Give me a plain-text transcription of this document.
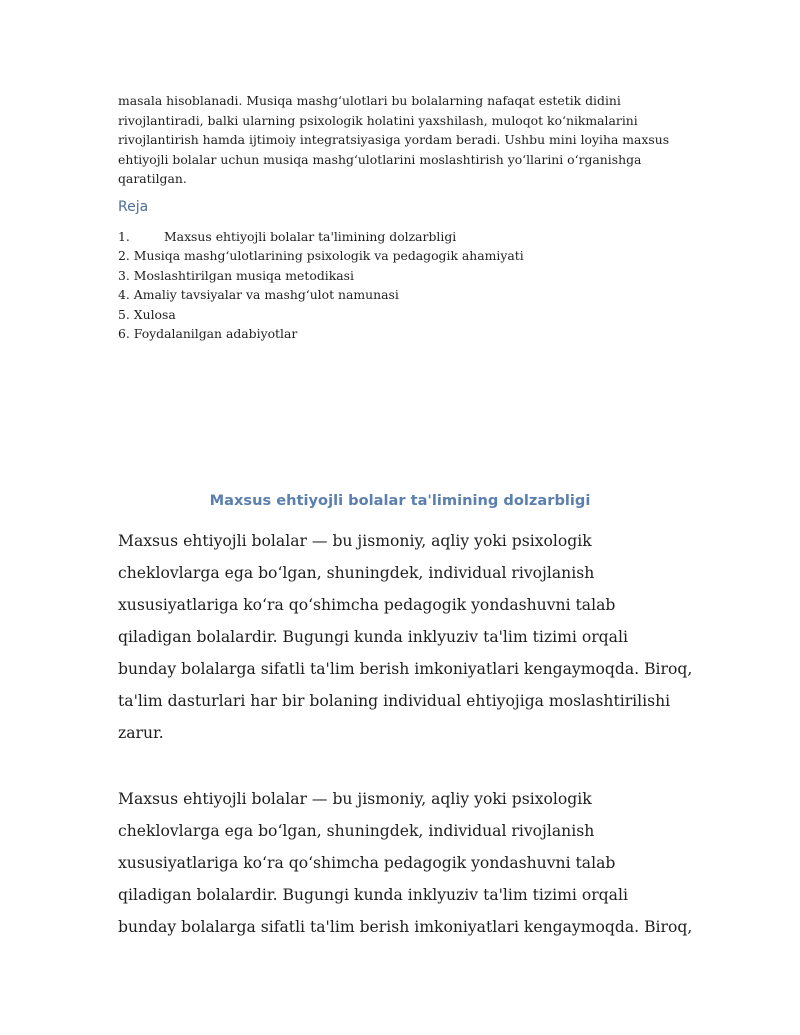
masala hisoblanadi. Musiqa mashg‘ulotlari bu bolalarning nafaqat estetik didini rivojlantiradi, balki ularning psixologik holatini yaxshilash, muloqot ko‘nikmalarini rivojlantirish hamda ijtimoiy integratsiyasiga yordam beradi. Ushbu mini loyiha maxsus ehtiyojli bolalar uchun musiqa mashg‘ulotlarini moslashtirish yo‘llarini o‘rganishga qaratilgan.

Reja
1.	Maxsus ehtiyojli bolalar ta'limining dolzarbligi
2. Musiqa mashg‘ulotlarining psixologik va pedagogik ahamiyati
3. Moslashtirilgan musiqa metodikasi
4. Amaliy tavsiyalar va mashg‘ulot namunasi
5. Xulosa
6. Foydalanilgan adabiyotlar
Maxsus ehtiyojli bolalar ta'limining dolzarbligi

Maxsus ehtiyojli bolalar — bu jismoniy, aqliy yoki psixologik
cheklovlarga ega bo‘lgan, shuningdek, individual rivojlanish
xususiyatlariga ko‘ra qo‘shimcha pedagogik yondashuvni talab
qiladigan bolalardir. Bugungi kunda inklyuziv ta'lim tizimi orqali
bunday bolalarga sifatli ta'lim berish imkoniyatlari kengaymoqda. Biroq,
ta'lim dasturlari har bir bolaning individual ehtiyojiga moslashtirilishi
zarur.

Maxsus ehtiyojli bolalar — bu jismoniy, aqliy yoki psixologik
cheklovlarga ega bo‘lgan, shuningdek, individual rivojlanish
xususiyatlariga ko‘ra qo‘shimcha pedagogik yondashuvni talab
qiladigan bolalardir. Bugungi kunda inklyuziv ta'lim tizimi orqali
bunday bolalarga sifatli ta'lim berish imkoniyatlari kengaymoqda. Biroq,
